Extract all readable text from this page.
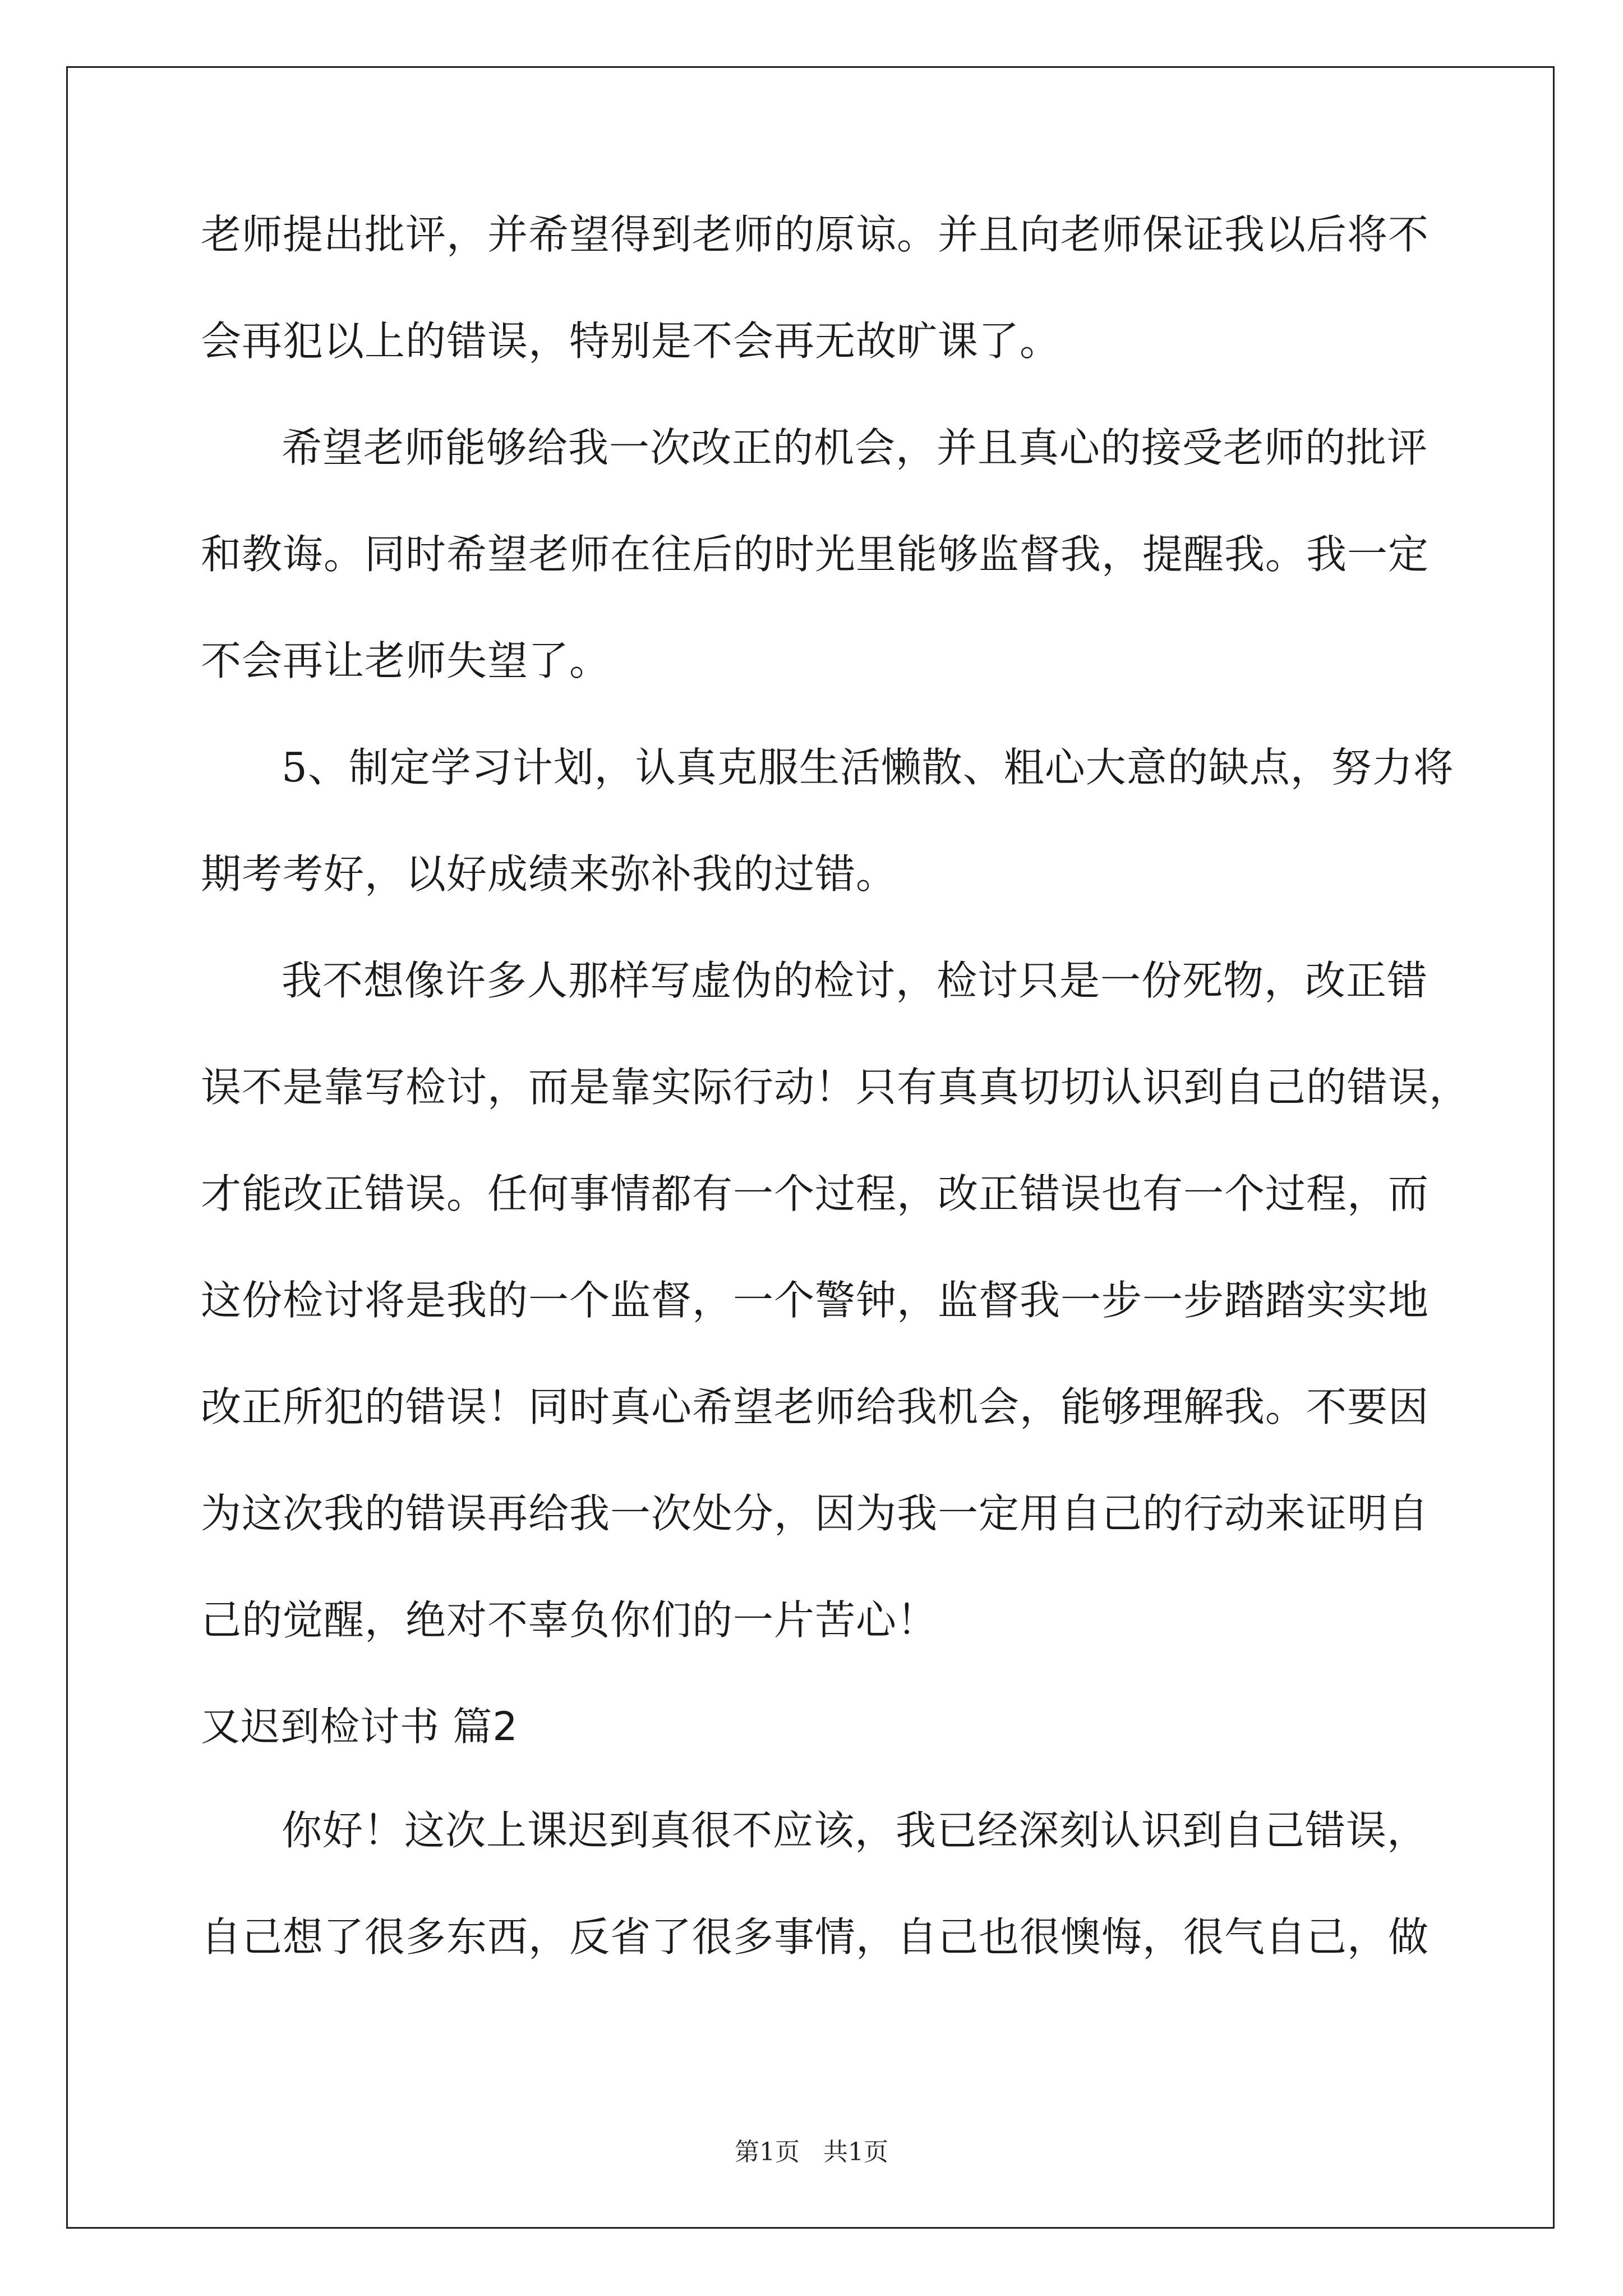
老师提出批评，并希望得到老师的原谅。并且向老师保证我以后将不
会再犯以上的错误，特别是不会再无故旷课了。
希望老师能够给我一次改正的机会，并且真心的接受老师的批评
和教诲。同时希望老师在往后的时光里能够监督我，提醒我。我一定
不会再让老师失望了。
5、制定学习计划，认真克服生活懒散、粗心大意的缺点，努力将
期考考好，以好成绩来弥补我的过错。
我不想像许多人那样写虚伪的检讨，检讨只是一份死物，改正错
误不是靠写检讨，而是靠实际行动！只有真真切切认识到自己的错误，
才能改正错误。任何事情都有一个过程，改正错误也有一个过程，而
这份检讨将是我的一个监督，一个警钟，监督我一步一步踏踏实实地
改正所犯的错误！同时真心希望老师给我机会，能够理解我。不要因
为这次我的错误再给我一次处分，因为我一定用自己的行动来证明自
己的觉醒，绝对不辜负你们的一片苦心！
又迟到检讨书 篇2
你好！这次上课迟到真很不应该，我已经深刻认识到自己错误，
自己想了很多东西，反省了很多事情，自己也很懊悔，很气自己，做
第1页 共1页
